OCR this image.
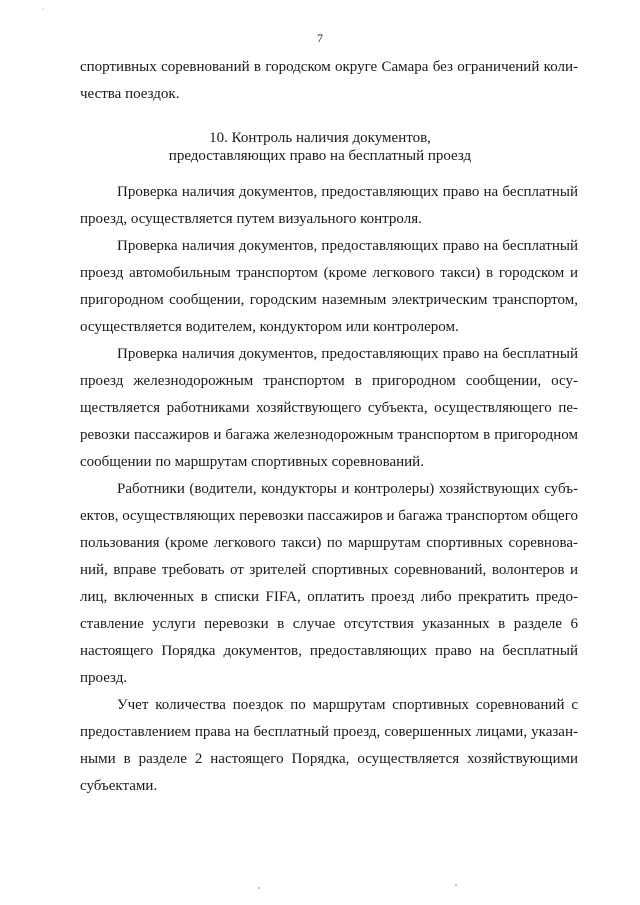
·
7
спортивных соревнований в городском округе Самара без ограничений коли-
чества поездок.
10. Контроль наличия документов,
предоставляющих право на бесплатный проезд
Проверка наличия документов, предоставляющих право на бесплатный
проезд, осуществляется путем визуального контроля.
Проверка наличия документов, предоставляющих право на бесплатный
проезд автомобильным транспортом (кроме легкового такси) в городском и
пригородном сообщении, городским наземным электрическим транспортом,
осуществляется водителем, кондуктором или контролером.
Проверка наличия документов, предоставляющих право на бесплатный
проезд железнодорожным транспортом в пригородном сообщении, осу-
ществляется работниками хозяйствующего субъекта, осуществляющего пе-
ревозки пассажиров и багажа железнодорожным транспортом в пригородном
сообщении по маршрутам спортивных соревнований.
Работники (водители, кондукторы и контролеры) хозяйствующих субъ-
ектов, осуществляющих перевозки пассажиров и багажа транспортом общего
пользования (кроме легкового такси) по маршрутам спортивных соревнова-
ний, вправе требовать от зрителей спортивных соревнований, волонтеров и
лиц, включенных в списки FIFA, оплатить проезд либо прекратить предо-
ставление услуги перевозки в случае отсутствия указанных в разделе 6
настоящего Порядка документов, предоставляющих право на бесплатный
проезд.
Учет количества поездок по маршрутам спортивных соревнований с
предоставлением права на бесплатный проезд, совершенных лицами, указан-
ными в разделе 2 настоящего Порядка, осуществляется хозяйствующими
субъектами.
